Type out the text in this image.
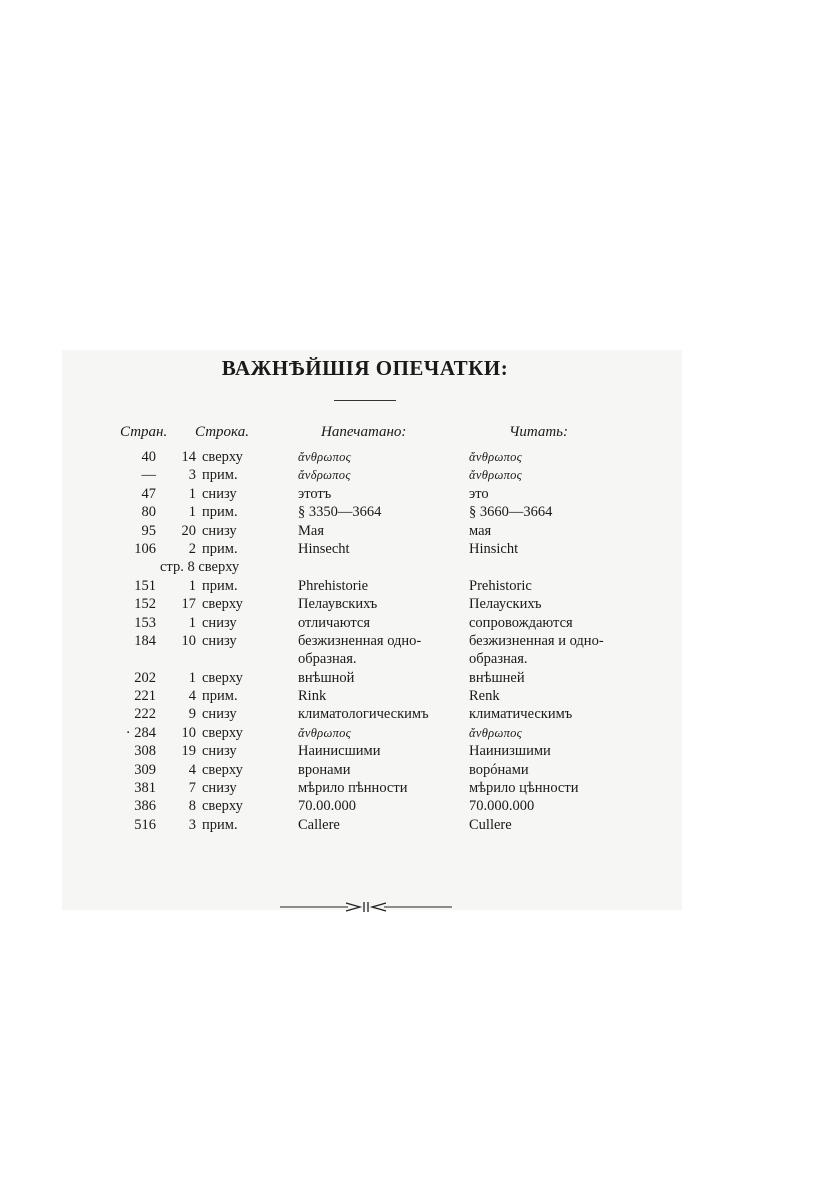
ВАЖНѢЙШІЯ ОПЕЧАТКИ:
Стран. Строка.	Напечатано:	Читать:
40	14 сверху	ἄνθρωπος	ἄνθρωπος
—	3 прим.	ἄνδρωπος	ἄνθρωπος
47	1 снизу	этотъ	это
80	1 прим.	§ 3350—3664	§ 3660—3664
95	20 снизу	Мая	мая
106	2 прим.	Hinsecht	Hinsicht
стр. 8 сверху
151	1 прим.	Phrehistorie	Prehistoric
152	17 сверху	Пелаувскихъ	Пелаускихъ
153	1 снизу	отличаются	сопровождаются
184	10 снизу	безжизненная одно-	безжизненная и одно-
образная.	образная.
202	1 сверху	внѣшной	внѣшней
221	4 прим.	Rink	Renk
222	9 снизу	климатологическимъ	климатическимъ
· 284	10 сверху	ἄνθρωπος	ἄνθρωπος
308	19 снизу	Наинисшими	Наинизшими
309	4 сверху	вронами	ворóнами
381	7 снизу	мѣрило пѣнности	мѣрило цѣнности
386	8 сверху	70.00.000	70.000.000
516	3 прим.	Callere	Cullere
